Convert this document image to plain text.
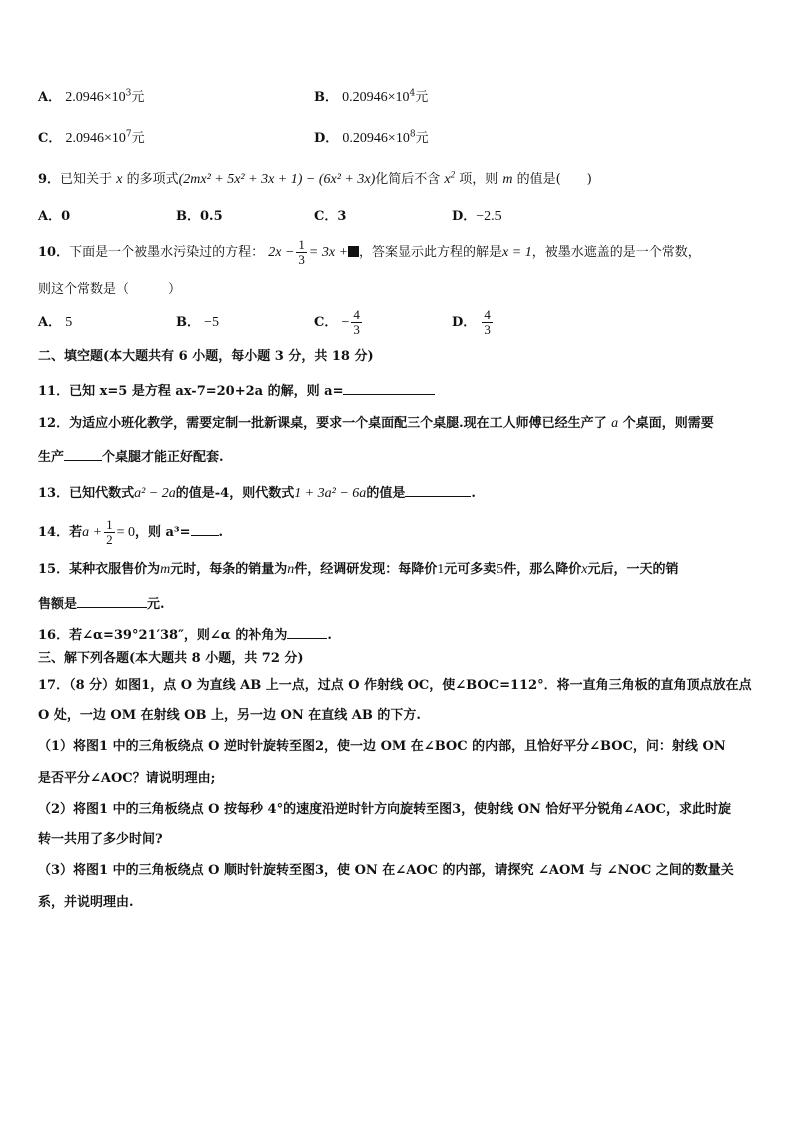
A． $2.0946\times 10^3$元	B． $0.20946\times 10^4$元
C． $2.0946\times 10^7$元	D． $0.20946\times 10^8$元
9．已知关于 x 的多项式(2mx² + 5x² + 3x + 1) − (6x² + 3x)化简后不含 $x^2$ 项，则 m 的值是(　　)
A．0	B．0.5	C．3	D．−2.5
10．下面是一个被墨水污染过的方程： $2x - \frac{1}{3} = 3x$ + ，答案显示此方程的解是x = 1，被墨水遮盖的是一个常数，
则这个常数是（　　　）
A． 5	B． −5	C． − $\frac{4}{3}$	D． $\frac{4}{3}$
二、填空题(本大题共有 6 小题，每小题 3 分，共 18 分)
11．已知 x=5 是方程 ax-7=20+2a 的解，则 a=
12．为适应小班化教学，需要定制一批新课桌，要求一个桌面配三个桌腿.现在工人师傅已经生产了 a 个桌面，则需要
生产	个桌腿才能正好配套.
13．已知代数式a² − 2a的值是-4，则代数式1 + 3a² − 6a的值是	.
14．若$a + \frac{1}{2} = 0$，则 a³= .
15．某种衣服售价为m元时，每条的销量为n件，经调研发现：每降价1元可多卖5件，那么降价x元后，一天的销
售额是	元.
16．若∠α=39°21′38″，则∠α 的补角为	.
三、解下列各题(本大题共 8 小题，共 72 分)
17．（8 分）如图1，点 O 为直线 AB 上一点，过点 O 作射线 OC，使∠BOC=112°．将一直角三角板的直角顶点放在点
O 处，一边 OM 在射线 OB 上，另一边 ON 在直线 AB 的下方.
（1）将图1 中的三角板绕点 O 逆时针旋转至图2，使一边 OM 在∠BOC 的内部，且恰好平分∠BOC，问：射线 ON
是否平分∠AOC？请说明理由;
（2）将图1 中的三角板绕点 O 按每秒 4°的速度沿逆时针方向旋转至图3，使射线 ON 恰好平分锐角∠AOC，求此时旋
转一共用了多少时间?
（3）将图1 中的三角板绕点 O 顺时针旋转至图3，使 ON 在∠AOC 的内部，请探究 ∠AOM 与 ∠NOC 之间的数量关
系，并说明理由.
